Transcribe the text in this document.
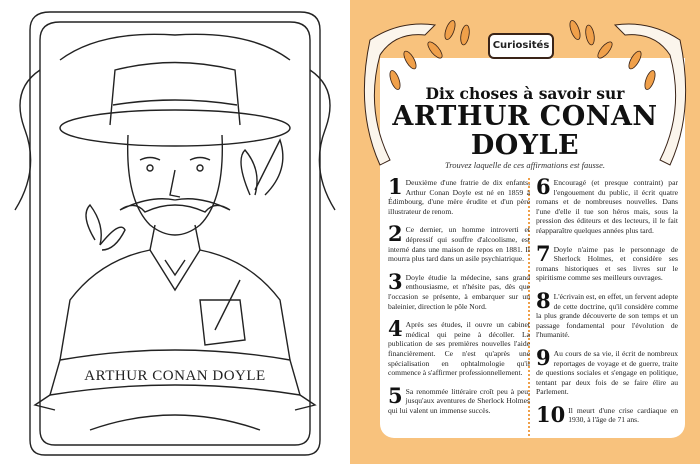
ARTHUR CONAN DOYLE
Curiosités
Dix choses à savoir sur
ARTHUR CONAN DOYLE
Trouvez laquelle de ces affirmations est fausse.
1 Deuxième d'une fratrie de dix enfants, Arthur Conan Doyle est né en 1859 à Édimbourg, d'une mère érudite et d'un père illustrateur de renom.
2 Ce dernier, un homme introverti et dépressif qui souffre d'alcoolisme, est interné dans une maison de repos en 1881. Il mourra plus tard dans un asile psychiatrique.
3 Doyle étudie la médecine, sans grand enthousiasme, et n'hésite pas, dès que l'occasion se présente, à embarquer sur un baleinier, direction le pôle Nord.
4 Après ses études, il ouvre un cabinet médical qui peine à décoller. La publication de ses premières nouvelles l'aide financièrement. Ce n'est qu'après une spécialisation en ophtalmologie qu'il commence à s'affirmer professionnellement.
5 Sa renommée littéraire croît peu à peu, jusqu'aux aventures de Sherlock Holmes qui lui valent un immense succès.
6 Encouragé (et presque contraint) par l'engouement du public, il écrit quatre romans et de nombreuses nouvelles. Dans l'une d'elle il tue son héros mais, sous la pression des éditeurs et des lecteurs, il le fait réapparaître quelques années plus tard.
7 Doyle n'aime pas le personnage de Sherlock Holmes, et considère ses romans historiques et ses livres sur le spiritisme comme ses meilleurs ouvrages.
8 L'écrivain est, en effet, un fervent adepte de cette doctrine, qu'il considère comme la plus grande découverte de son temps et un passage fondamental pour l'évolution de l'humanité.
9 Au cours de sa vie, il écrit de nombreux reportages de voyage et de guerre, traite de questions sociales et s'engage en politique, tentant par deux fois de se faire élire au Parlement.
10 Il meurt d'une crise cardiaque en 1930, à l'âge de 71 ans.
